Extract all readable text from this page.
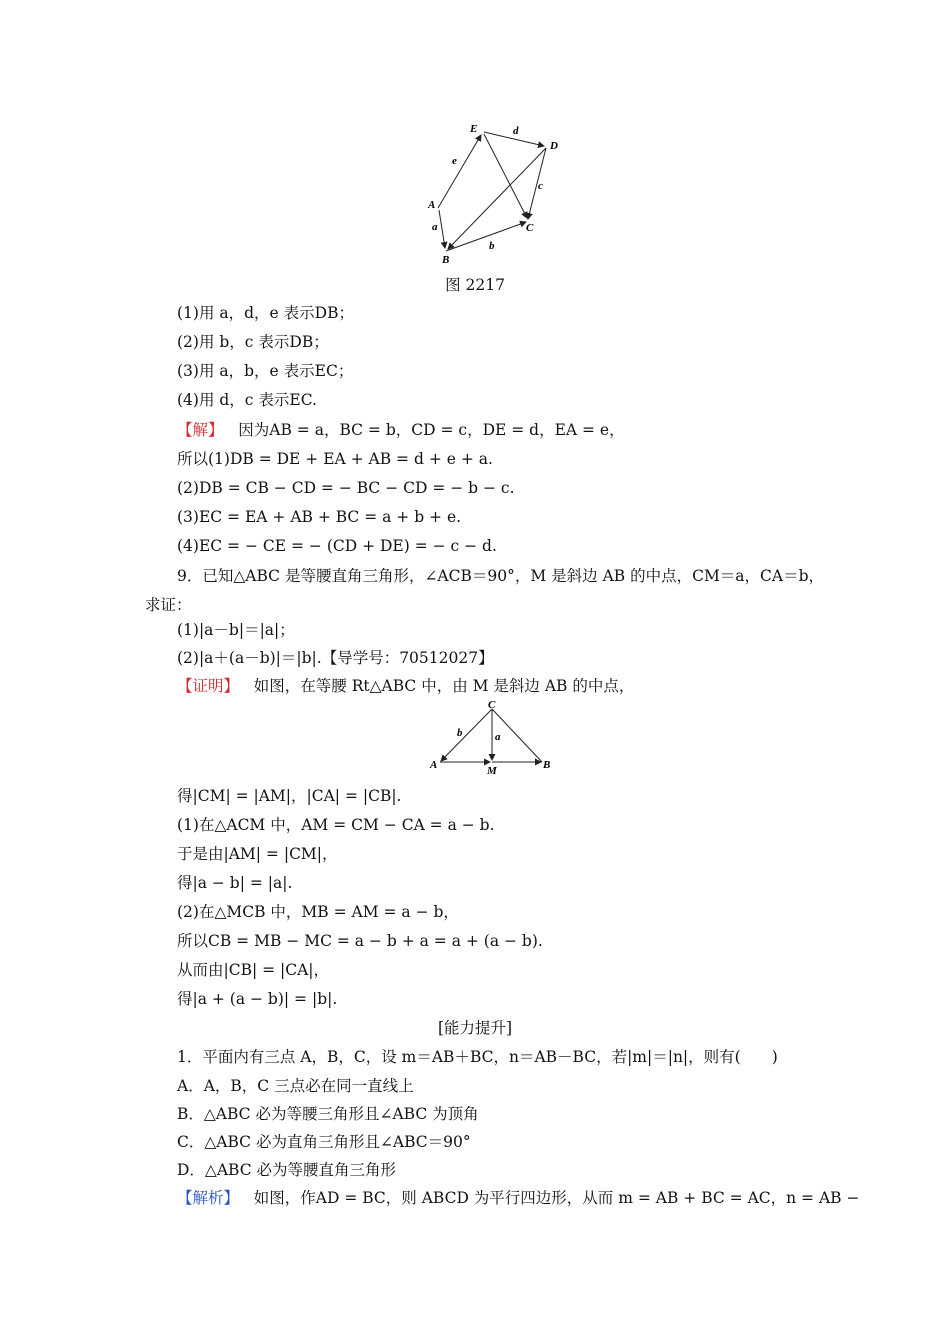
E
D
A
B
C
d
e
c
a
b
图 2217
(1)用 a，d，e 表示DB；
(2)用 b，c 表示DB；
(3)用 a，b，e 表示EC；
(4)用 d，c 表示EC.
【解】 因为AB = a，BC = b，CD = c，DE = d，EA = e，
所以(1)DB = DE + EA + AB = d + e + a.
(2)DB = CB − CD = − BC − CD = − b − c.
(3)EC = EA + AB + BC = a + b + e.
(4)EC = − CE = − (CD + DE) = − c − d.
9．已知△ABC 是等腰直角三角形，∠ACB＝90°，M 是斜边 AB 的中点，CM＝a，CA＝b，
求证：
(1)|a－b|＝|a|；
(2)|a＋(a－b)|＝|b|.【导学号：70512027】
【证明】 如图，在等腰 Rt△ABC 中，由 M 是斜边 AB 的中点，
C
A	M	B
b	a
得|CM| = |AM|，|CA| = |CB|.
(1)在△ACM 中，AM = CM − CA = a − b.
于是由|AM| = |CM|，
得|a − b| = |a|.
(2)在△MCB 中，MB = AM = a − b，
所以CB = MB − MC = a − b + a = a + (a − b).
从而由|CB| = |CA|，
得|a + (a − b)| = |b|.
[能力提升]
1．平面内有三点 A，B，C，设 m＝AB＋BC，n＝AB－BC，若|m|＝|n|，则有(　　)
A．A，B，C 三点必在同一直线上
B．△ABC 必为等腰三角形且∠ABC 为顶角
C．△ABC 必为直角三角形且∠ABC＝90°
D．△ABC 必为等腰直角三角形
【解析】 如图，作AD = BC，则 ABCD 为平行四边形，从而 m = AB + BC = AC，n = AB −
